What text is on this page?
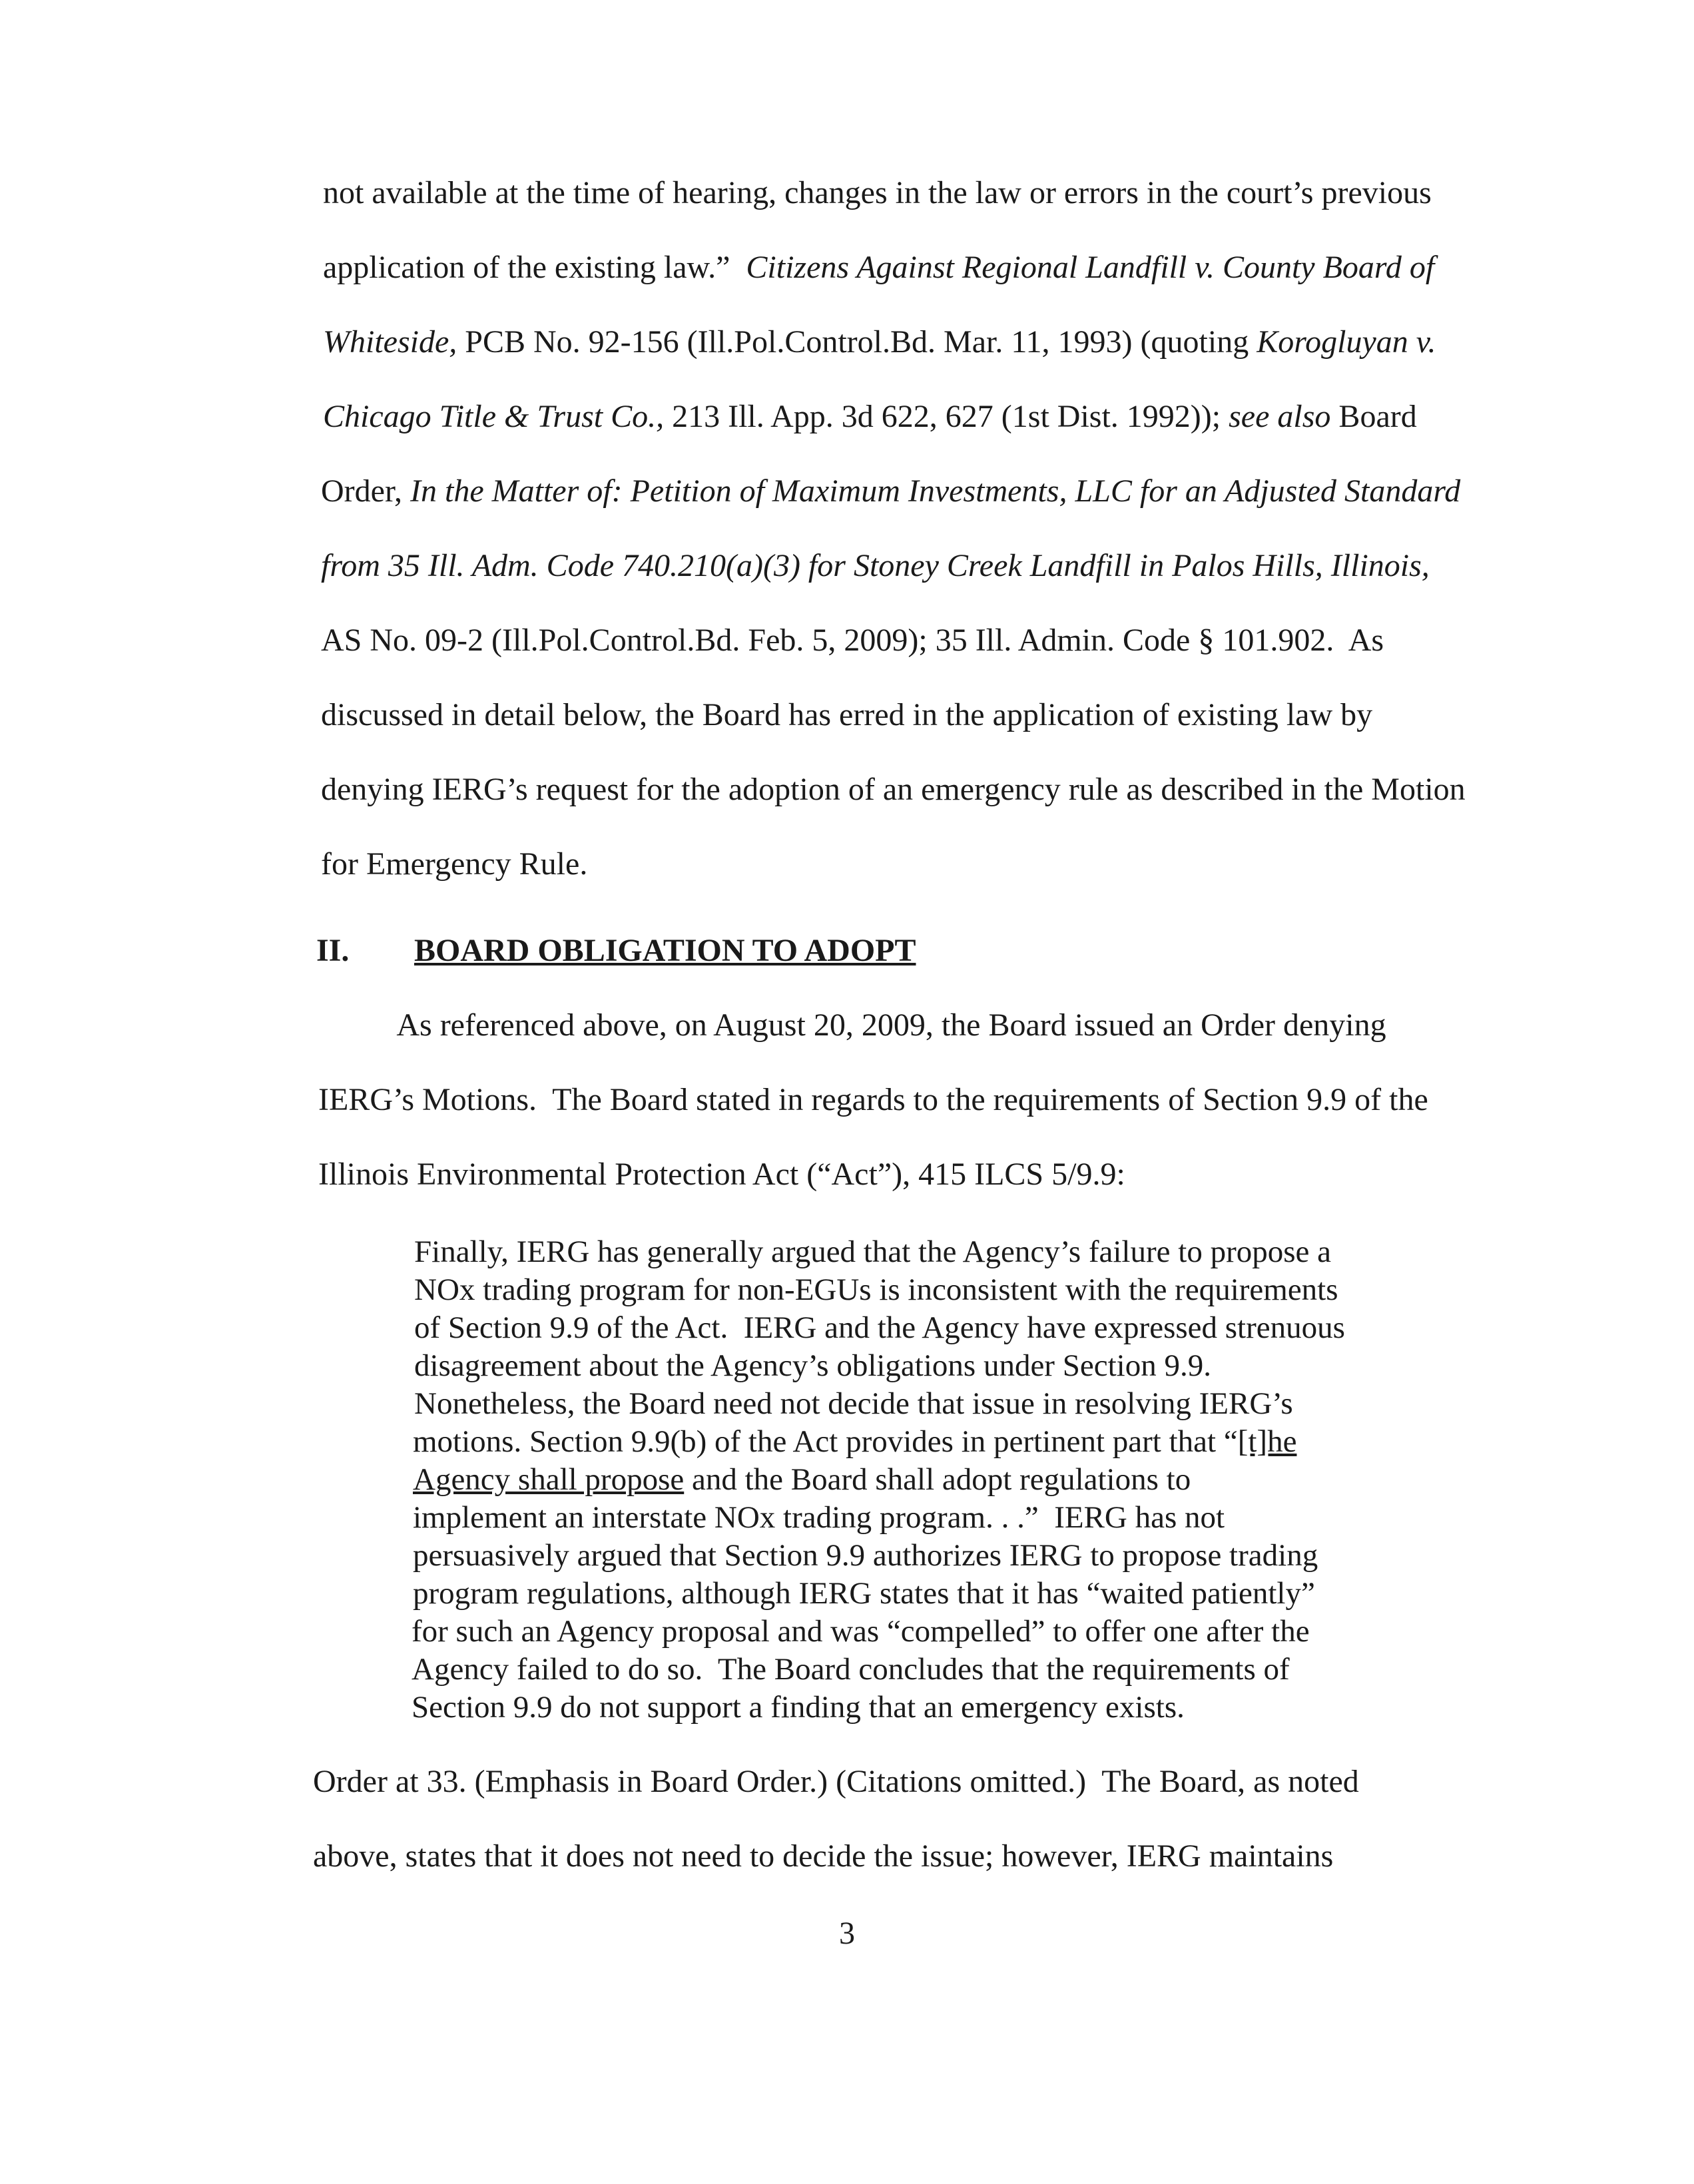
not available at the time of hearing, changes in the law or errors in the court’s previous
application of the existing law.”  Citizens Against Regional Landfill v. County Board of
Whiteside, PCB No. 92-156 (Ill.Pol.Control.Bd. Mar. 11, 1993) (quoting Korogluyan v.
Chicago Title & Trust Co., 213 Ill. App. 3d 622, 627 (1st Dist. 1992)); see also Board
Order, In the Matter of: Petition of Maximum Investments, LLC for an Adjusted Standard
from 35 Ill. Adm. Code 740.210(a)(3) for Stoney Creek Landfill in Palos Hills, Illinois,
AS No. 09-2 (Ill.Pol.Control.Bd. Feb. 5, 2009); 35 Ill. Admin. Code § 101.902.  As
discussed in detail below, the Board has erred in the application of existing law by
denying IERG’s request for the adoption of an emergency rule as described in the Motion
for Emergency Rule.
II. BOARD OBLIGATION TO ADOPT
As referenced above, on August 20, 2009, the Board issued an Order denying
IERG’s Motions.  The Board stated in regards to the requirements of Section 9.9 of the
Illinois Environmental Protection Act (“Act”), 415 ILCS 5/9.9:
Finally, IERG has generally argued that the Agency’s failure to propose a
NOx trading program for non-EGUs is inconsistent with the requirements
of Section 9.9 of the Act.  IERG and the Agency have expressed strenuous
disagreement about the Agency’s obligations under Section 9.9.
Nonetheless, the Board need not decide that issue in resolving IERG’s
motions. Section 9.9(b) of the Act provides in pertinent part that “[t]he
Agency shall propose and the Board shall adopt regulations to
implement an interstate NOx trading program. . .”  IERG has not
persuasively argued that Section 9.9 authorizes IERG to propose trading
program regulations, although IERG states that it has “waited patiently”
for such an Agency proposal and was “compelled” to offer one after the
Agency failed to do so.  The Board concludes that the requirements of
Section 9.9 do not support a finding that an emergency exists.
Order at 33. (Emphasis in Board Order.) (Citations omitted.)  The Board, as noted
above, states that it does not need to decide the issue; however, IERG maintains
3
